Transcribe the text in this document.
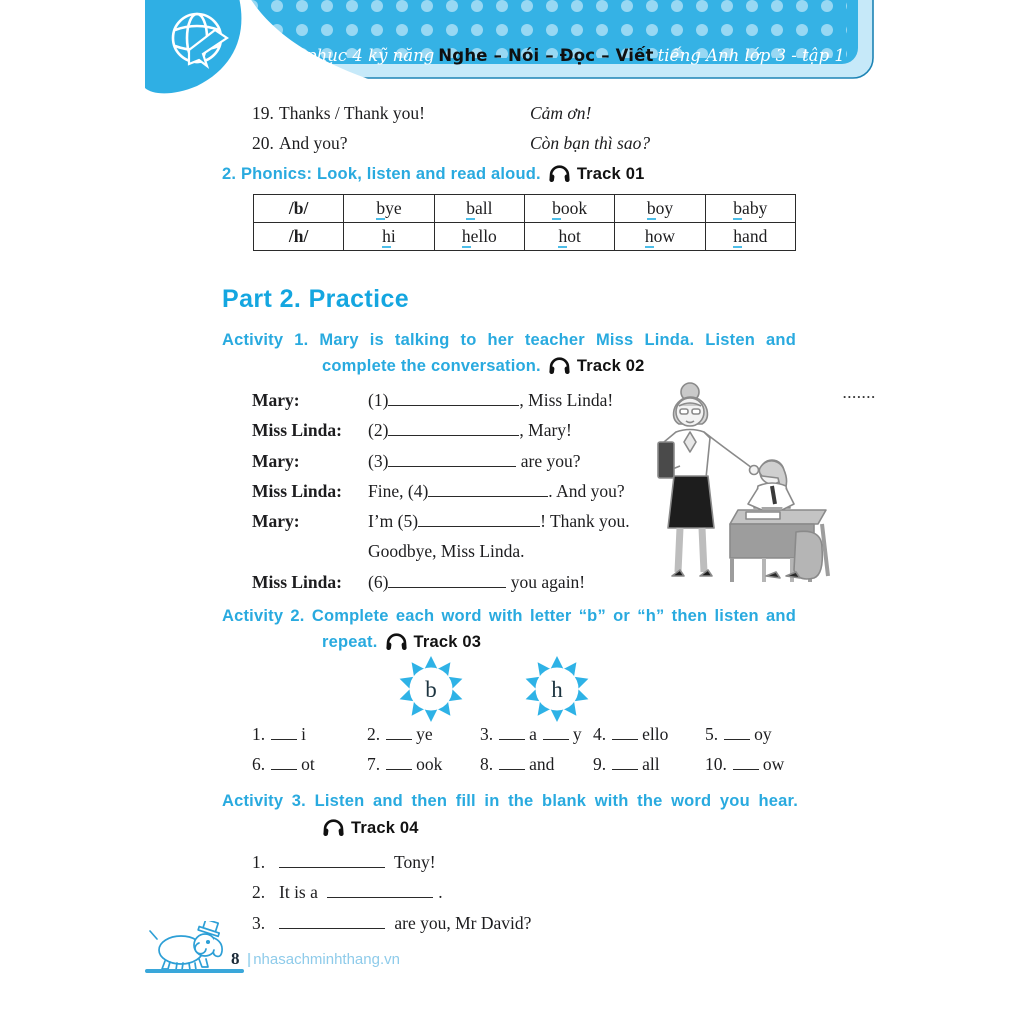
Chinh phục 4 kỹ năng Nghe – Nói – Đọc – Viết tiếng Anh lớp 3 - tập 1
19. Thanks / Thank you!	Cảm ơn!
20. And you?	Còn bạn thì sao?
2. Phonics: Look, listen and read aloud. Track 01
/b/	bye	ball	book	boy	baby
/h/	hi	hello	hot	how	hand
Part 2. Practice
Activity 1. Mary is talking to her teacher Miss Linda. Listen and
complete the conversation. Track 02
.......
Mary:	(1)	, Miss Linda!
Miss Linda:	(2)	, Mary!
Mary:	(3)	are you?
Miss Linda:	Fine, (4)	. And you?
Mary:	I’m (5)	! Thank you.
Goodbye, Miss Linda.
Miss Linda:	(6)	you again!
Activity 2. Complete each word with letter “b” or “h” then listen and
repeat. Track 03
b	h
1. i	2. ye	3. a y 4. ello	5. oy
6. ot	7. ook	8. and	9. all	10. ow
Activity 3. Listen and then fill in the blank with the word you hear.
Track 04
1.	Tony!
2. It is a	.
3.	are you, Mr David?
8 | nhasachminhthang.vn
